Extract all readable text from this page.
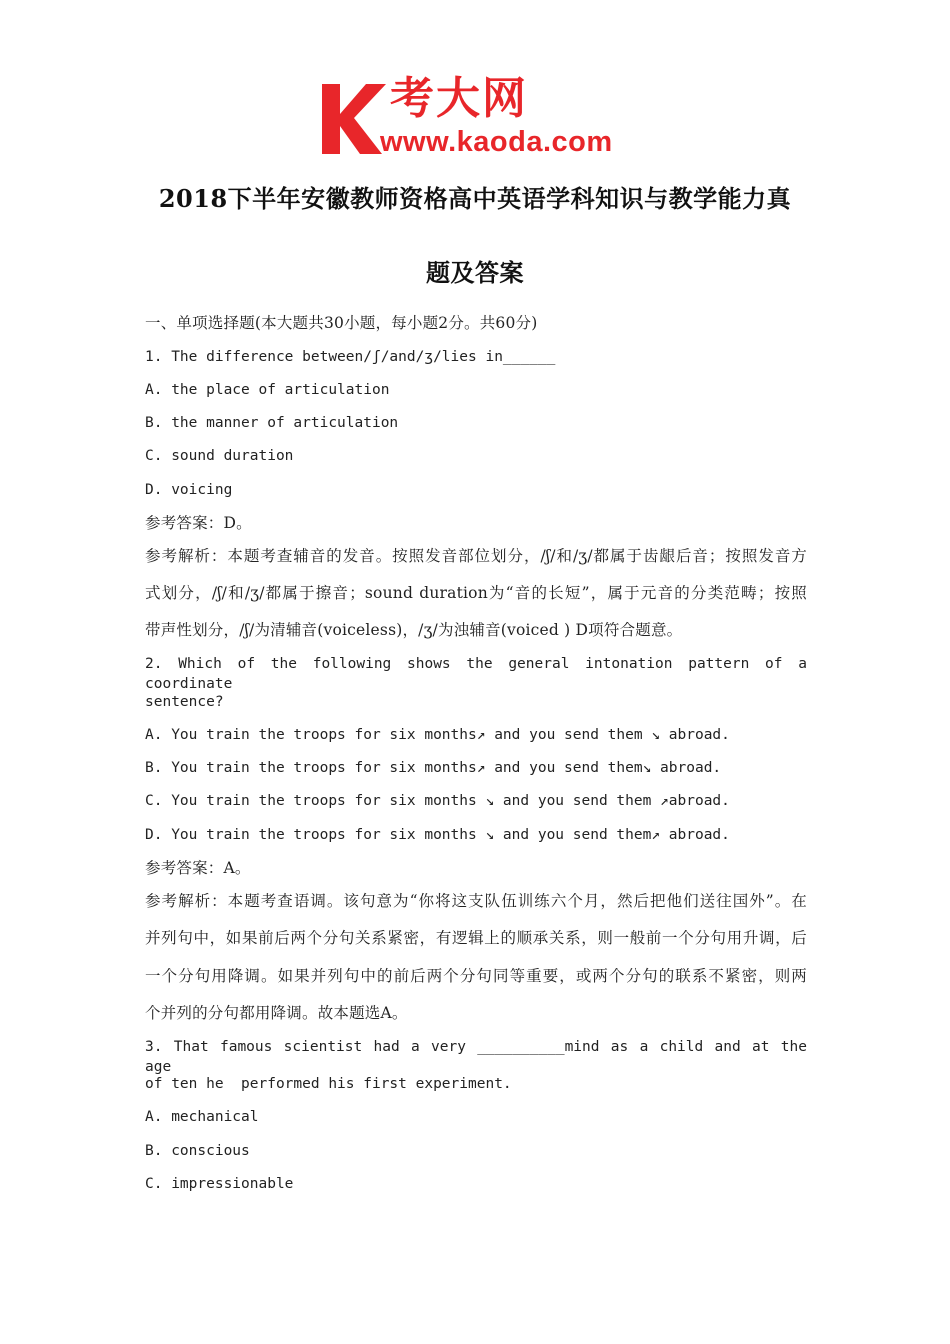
考大网
www.kaoda.com
2018下半年安徽教师资格高中英语学科知识与教学能力真
题及答案
一、单项选择题(本大题共30小题，每小题2分。共60分)
1. The difference between/ʃ/and/ʒ/lies in______
A. the place of articulation
B. the manner of articulation
C. sound duration
D. voicing
参考答案：D。
参考解析：本题考查辅音的发音。按照发音部位划分，/ʃ/和/ʒ/都属于齿龈后音；按照发音方
式划分，/ʃ/和/ʒ/都属于擦音；sound duration为“音的长短”，属于元音的分类范畴；按照
带声性划分，/ʃ/为清辅音(voiceless)，/ʒ/为浊辅音(voiced ) D项符合题意。
2. Which of the following shows the general intonation pattern of a coordinate
sentence?
A. You train the troops for six months↗ and you send them ↘ abroad.
B. You train the troops for six months↗ and you send them↘ abroad.
C. You train the troops for six months ↘ and you send them ↗abroad.
D. You train the troops for six months ↘ and you send them↗ abroad.
参考答案：A。
参考解析：本题考查语调。该句意为“你将这支队伍训练六个月，然后把他们送往国外”。在
并列句中，如果前后两个分句关系紧密，有逻辑上的顺承关系，则一般前一个分句用升调，后
一个分句用降调。如果并列句中的前后两个分句同等重要，或两个分句的联系不紧密，则两
个并列的分句都用降调。故本题选A。
3. That famous scientist had a very __________mind as a child and at the age
of ten he  performed his first experiment.
A. mechanical
B. conscious
C. impressionable
